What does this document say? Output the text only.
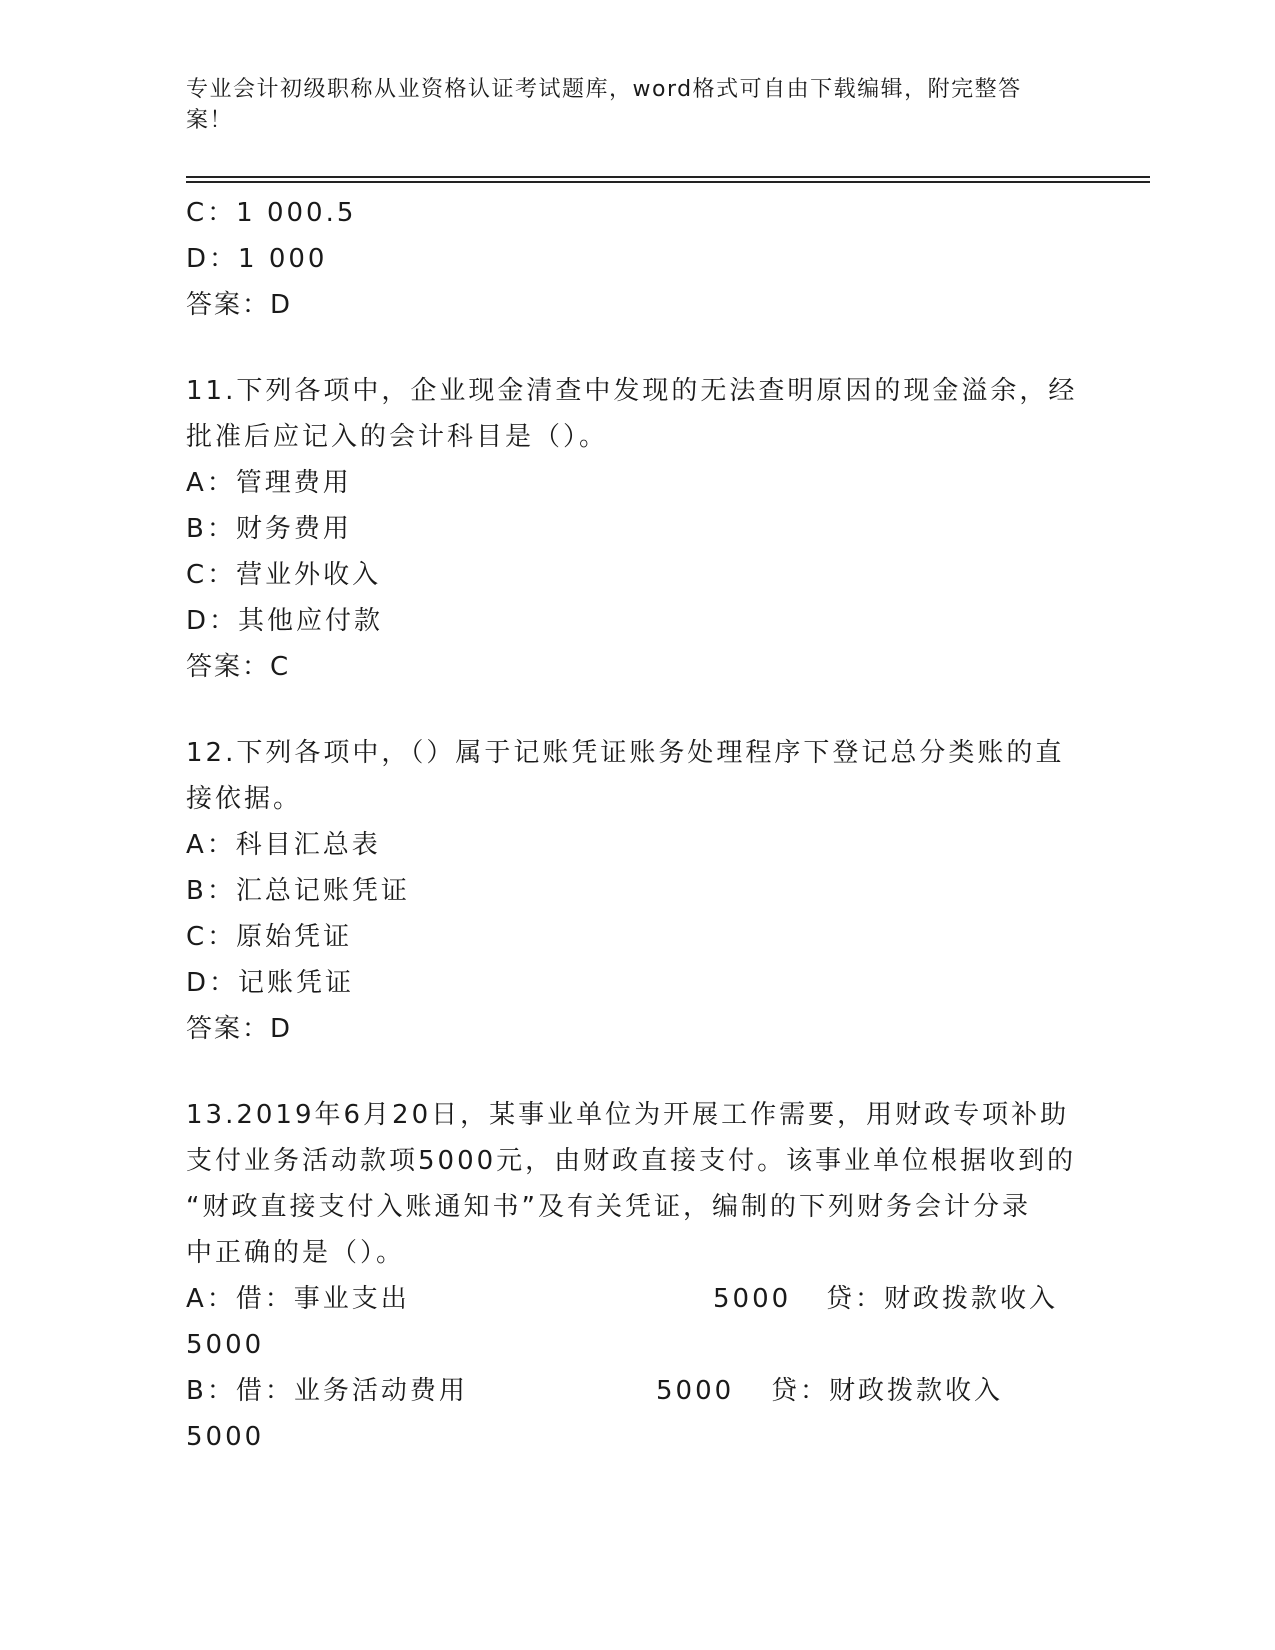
专业会计初级职称从业资格认证考试题库，word格式可自由下载编辑，附完整答
案！
C：1 000.5
D：1 000
答案：D
11.下列各项中，企业现金清查中发现的无法查明原因的现金溢余，经
批准后应记入的会计科目是（）。
A：管理费用
B：财务费用
C：营业外收入
D：其他应付款
答案：C
12.下列各项中，（）属于记账凭证账务处理程序下登记总分类账的直
接依据。
A：科目汇总表
B：汇总记账凭证
C：原始凭证
D：记账凭证
答案：D
13.2019年6月20日，某事业单位为开展工作需要，用财政专项补助
支付业务活动款项5000元，由财政直接支付。该事业单位根据收到的
“财政直接支付入账通知书”及有关凭证，编制的下列财务会计分录
中正确的是（）。
A：借：事业支出	5000 贷：财政拨款收入
5000
B：借：业务活动费用	5000 贷：财政拨款收入
5000
